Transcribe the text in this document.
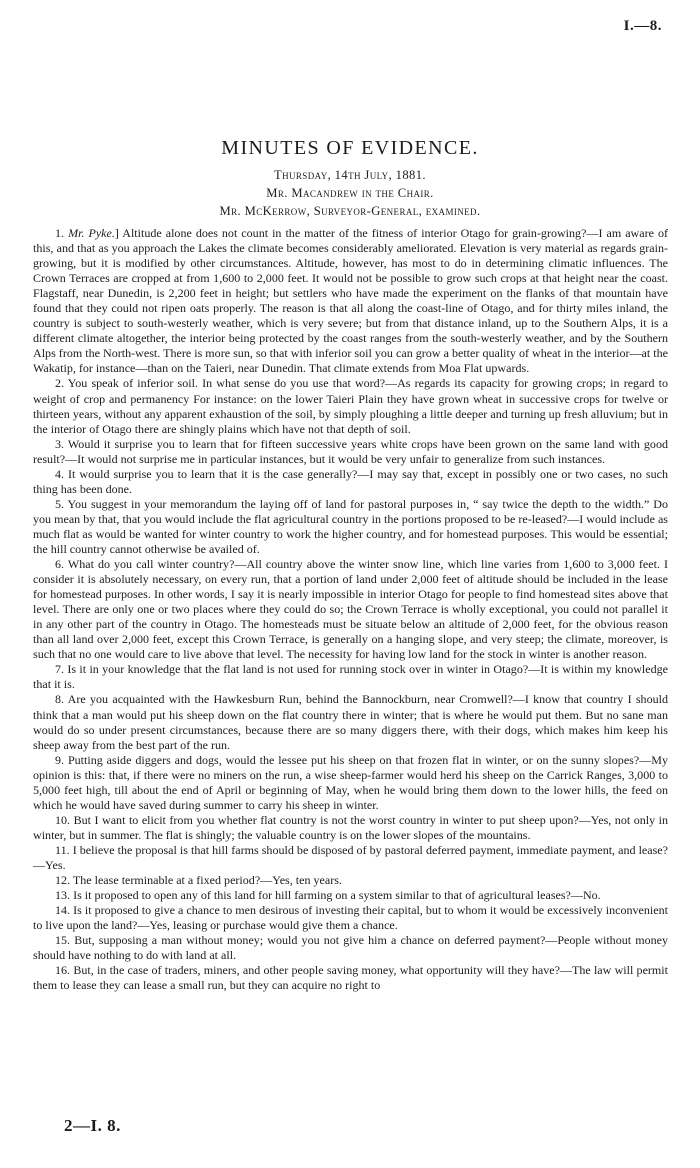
I.—8.
MINUTES OF EVIDENCE.
Thursday, 14th July, 1881.
Mr. Macandrew in the Chair.
Mr. McKerrow, Surveyor-General, examined.

1. Mr. Pyke.] Altitude alone does not count in the matter of the fitness of interior Otago for grain-growing?—I am aware of this, and that as you approach the Lakes the climate becomes considerably ameliorated. Elevation is very material as regards grain-growing, but it is modified by other circumstances. Altitude, however, has most to do in determining climatic influences. The Crown Terraces are cropped at from 1,600 to 2,000 feet. It would not be possible to grow such crops at that height near the coast. Flagstaff, near Dunedin, is 2,200 feet in height; but settlers who have made the experiment on the flanks of that mountain have found that they could not ripen oats properly. The reason is that all along the coast-line of Otago, and for thirty miles inland, the country is subject to south-westerly weather, which is very severe; but from that distance inland, up to the Southern Alps, it is a different climate altogether, the interior being protected by the coast ranges from the south-westerly weather, and by the Southern Alps from the North-west. There is more sun, so that with inferior soil you can grow a better quality of wheat in the interior—at the Wakatip, for instance—than on the Taieri, near Dunedin. That climate extends from Moa Flat upwards.

2. You speak of inferior soil. In what sense do you use that word?—As regards its capacity for growing crops; in regard to weight of crop and permanency For instance: on the lower Taieri Plain they have grown wheat in successive crops for twelve or thirteen years, without any apparent exhaustion of the soil, by simply ploughing a little deeper and turning up fresh alluvium; but in the interior of Otago there are shingly plains which have not that depth of soil.

3. Would it surprise you to learn that for fifteen successive years white crops have been grown on the same land with good result?—It would not surprise me in particular instances, but it would be very unfair to generalize from such instances.

4. It would surprise you to learn that it is the case generally?—I may say that, except in possibly one or two cases, no such thing has been done.

5. You suggest in your memorandum the laying off of land for pastoral purposes in, “ say twice the depth to the width.” Do you mean by that, that you would include the flat agricultural country in the portions proposed to be re-leased?—I would include as much flat as would be wanted for winter country to work the higher country, and for homestead purposes. This would be essential; the hill country cannot otherwise be availed of.

6. What do you call winter country?—All country above the winter snow line, which line varies from 1,600 to 3,000 feet. I consider it is absolutely necessary, on every run, that a portion of land under 2,000 feet of altitude should be included in the lease for homestead purposes. In other words, I say it is nearly impossible in interior Otago for people to find homestead sites above that level. There are only one or two places where they could do so; the Crown Terrace is wholly exceptional, you could not parallel it in any other part of the country in Otago. The homesteads must be situate below an altitude of 2,000 feet, for the obvious reason than all land over 2,000 feet, except this Crown Terrace, is generally on a hanging slope, and very steep; the climate, moreover, is such that no one would care to live above that level. The necessity for having low land for the stock in winter is another reason.

7. Is it in your knowledge that the flat land is not used for running stock over in winter in Otago?—It is within my knowledge that it is.

8. Are you acquainted with the Hawkesburn Run, behind the Bannockburn, near Cromwell?—I know that country I should think that a man would put his sheep down on the flat country there in winter; that is where he would put them. But no sane man would do so under present circumstances, because there are so many diggers there, with their dogs, which makes him keep his sheep away from the best part of the run.

9. Putting aside diggers and dogs, would the lessee put his sheep on that frozen flat in winter, or on the sunny slopes?—My opinion is this: that, if there were no miners on the run, a wise sheep-farmer would herd his sheep on the Carrick Ranges, 3,000 to 5,000 feet high, till about the end of April or beginning of May, when he would bring them down to the lower hills, the feed on which he would have saved during summer to carry his sheep in winter.

10. But I want to elicit from you whether flat country is not the worst country in winter to put sheep upon?—Yes, not only in winter, but in summer. The flat is shingly; the valuable country is on the lower slopes of the mountains.

11. I believe the proposal is that hill farms should be disposed of by pastoral deferred payment, immediate payment, and lease?—Yes.

12. The lease terminable at a fixed period?—Yes, ten years.

13. Is it proposed to open any of this land for hill farming on a system similar to that of agricultural leases?—No.

14. Is it proposed to give a chance to men desirous of investing their capital, but to whom it would be excessively inconvenient to live upon the land?—Yes, leasing or purchase would give them a chance.

15. But, supposing a man without money; would you not give him a chance on deferred payment?—People without money should have nothing to do with land at all.

16. But, in the case of traders, miners, and other people saving money, what opportunity will they have?—The law will permit them to lease they can lease a small run, but they can acquire no right to

2—I. 8.
